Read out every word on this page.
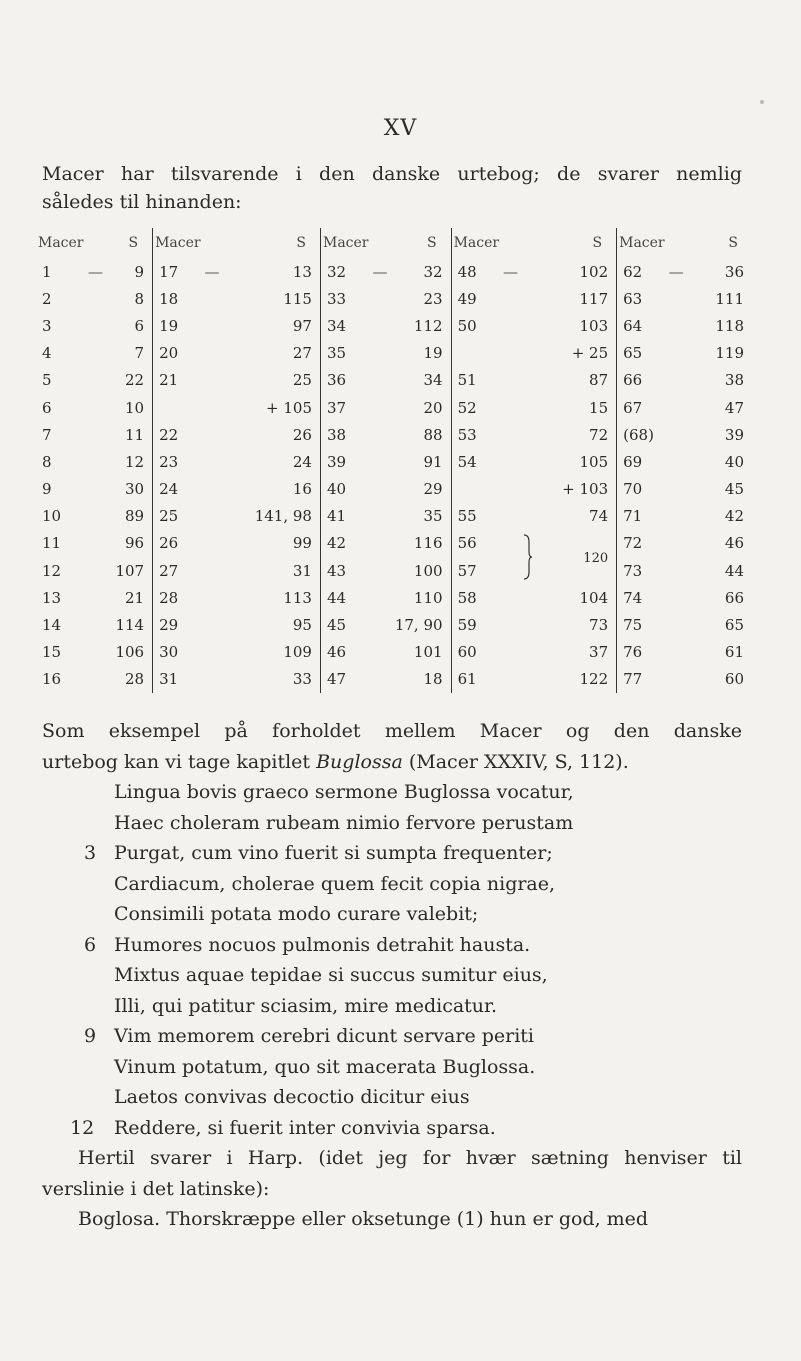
XV

Macer har tilsvarende i den danske urtebog; de svarer nemlig

således til hinanden:

Macer		S	Macer		S	Macer		S	Macer		S	Macer		S
1	—	9	17	—	13	32	—	32	48	—	102	62	—	36
2		8	18		115	33		23	49		117	63		111
3		6	19		97	34		112	50		103	64		118
4		7	20		27	35		19			+ 25	65		119
5		22	21		25	36		34	51		87	66		38
6		10			+ 105	37		20	52		15	67		47
7		11	22		26	38		88	53		72	(68)		39
8		12	23		24	39		91	54		105	69		40
9		30	24		16	40		29			+ 103	70		45
10		89	25		141, 98	41		35	55		74	71		42
11		96	26		99	42		116	56		120	72		46
12		107	27		31	43		100	57			73		44
13		21	28		113	44		110	58		104	74		66
14		114	29		95	45		17, 90	59		73	75		65
15		106	30		109	46		101	60		37	76		61
16		28	31		33	47		18	61		122	77		60

Som eksempel på forholdet mellem Macer og den danske

urtebog kan vi tage kapitlet Buglossa (Macer XXXIV, S, 112).

Lingua bovis graeco sermone Buglossa vocatur,

Haec choleram rubeam nimio fervore perustam

3 Purgat, cum vino fuerit si sumpta frequenter;

Cardiacum, cholerae quem fecit copia nigrae,

Consimili potata modo curare valebit;

6 Humores nocuos pulmonis detrahit hausta.

Mixtus aquae tepidae si succus sumitur eius,

Illi, qui patitur sciasim, mire medicatur.

9 Vim memorem cerebri dicunt servare periti

Vinum potatum, quo sit macerata Buglossa.

Laetos convivas decoctio dicitur eius

12 Reddere, si fuerit inter convivia sparsa.

Hertil svarer i Harp. (idet jeg for hvær sætning henviser til

verslinie i det latinske):

Boglosa. Thorskræppe eller oksetunge (1) hun er god, med
